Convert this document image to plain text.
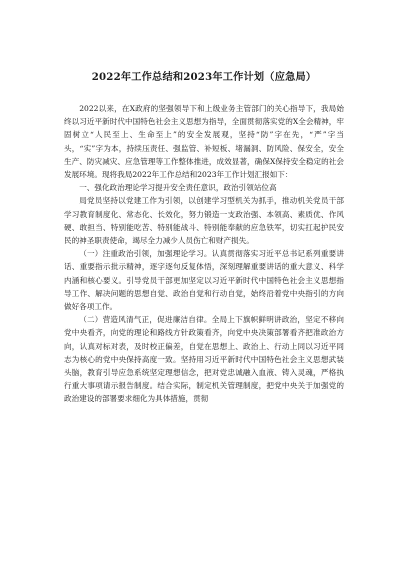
2022年工作总结和2023年工作计划（应急局）

2022以来，在X政府的坚强领导下和上级业务主管部门的关心指导下，我局始终以习近平新时代中国特色社会主义思想为指导，全面贯彻落实党的X全会精神，牢固树立“人民至上、生命至上”的安全发展观，坚持“防”字在先，“严”字当头，“实”字为本，持续压责任、强监管、补短板、堵漏洞、防风险、保安全，安全生产、防灾减灾、应急管理等工作整体推进，成效显著，确保X保持安全稳定的社会发展环境。现将我局2022年工作总结和2023年工作计划汇报如下：

一、强化政治理论学习提升安全责任意识，政治引领站位高

局党员坚持以党建工作为引领，以创建学习型机关为抓手，推动机关党员干部学习教育制度化、常态化、长效化，努力锻造一支政治强、本领高、素质优、作风硬、敢担当、特别能吃苦、特别能战斗、特别能奉献的应急铁军，切实扛起护民安民的神圣职责使命，竭尽全力减少人员伤亡和财产损失。

（一）注重政治引领，加强理论学习。认真贯彻落实习近平总书记系列重要讲话、重要指示批示精神，逐字逐句反复体悟，深刻理解重要讲话的重大意义、科学内涵和核心要义。引导党员干部更加坚定以习近平新时代中国特色社会主义思想指导工作、解决问题的思想自觉、政治自觉和行动自觉，始终沿着党中央指引的方向做好各项工作。

（二）营造风清气正，促进廉洁自律。全局上下旗帜鲜明讲政治，坚定不移向党中央看齐，向党的理论和路线方针政策看齐，向党中央决策部署看齐把准政治方向，认真对标对表，及时校正偏差，自觉在思想上、政治上、行动上同以习近平同志为核心的党中央保持高度一致。坚持用习近平新时代中国特色社会主义思想武装头脑，教育引导应急系统坚定理想信念，把对党忠诚融入血液、铸入灵魂，严格执行重大事项请示报告制度。结合实际，制定机关管理制度，把党中央关于加强党的政治建设的部署要求细化为具体措施，贯彻
